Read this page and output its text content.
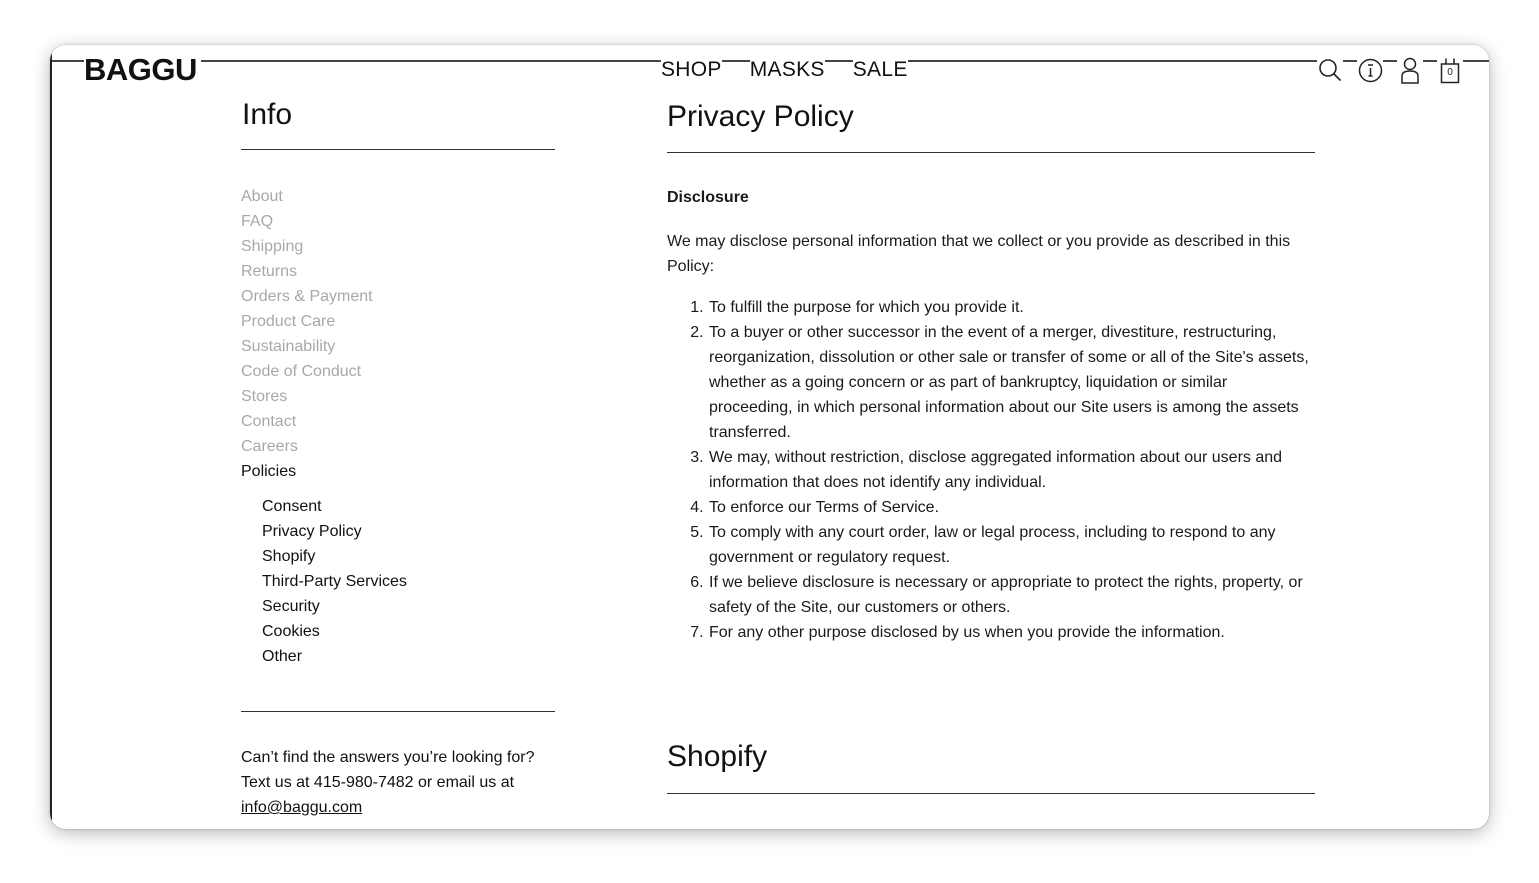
BAGGU	SHOP MASKS SALE	0
Info
About
FAQ
Shipping
Returns
Orders & Payment
Product Care
Sustainability
Code of Conduct
Stores
Contact
Careers
Policies
Consent
Privacy Policy
Shopify
Third-Party Services
Security
Cookies
Other
Can’t find the answers you’re looking for?
Text us at 415-980-7482 or email us at
info@baggu.com
Privacy Policy
Disclosure

We may disclose personal information that we collect or you provide as described in this Policy:

1. To fulfill the purpose for which you provide it.
2. To a buyer or other successor in the event of a merger, divestiture, restructuring, reorganization, dissolution or other sale or transfer of some or all of the Site's assets, whether as a going concern or as part of bankruptcy, liquidation or similar proceeding, in which personal information about our Site users is among the assets transferred.
3. We may, without restriction, disclose aggregated information about our users and information that does not identify any individual.
4. To enforce our Terms of Service.
5. To comply with any court order, law or legal process, including to respond to any government or regulatory request.
6. If we believe disclosure is necessary or appropriate to protect the rights, property, or safety of the Site, our customers or others.
7. For any other purpose disclosed by us when you provide the information.
Shopify
